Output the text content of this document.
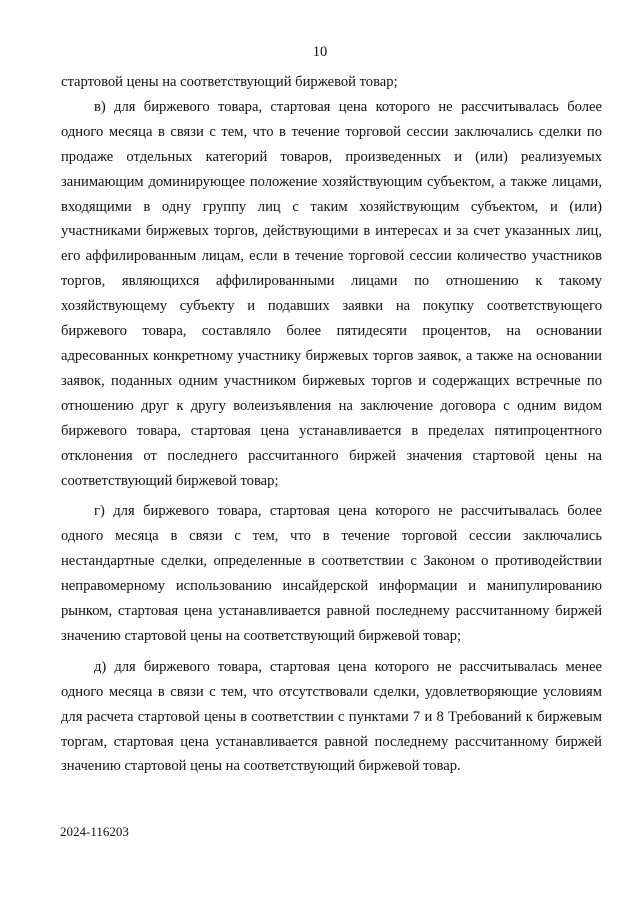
10

стартовой цены на соответствующий биржевой товар;

в) для биржевого товара, стартовая цена которого не рассчитывалась более одного месяца в связи с тем, что в течение торговой сессии заключались сделки по продаже отдельных категорий товаров, произведенных и (или) реализуемых занимающим доминирующее положение хозяйствующим субъектом, а также лицами, входящими в одну группу лиц с таким хозяйствующим субъектом, и (или) участниками биржевых торгов, действующими в интересах и за счет указанных лиц, его аффилированным лицам, если в течение торговой сессии количество участников торгов, являющихся аффилированными лицами по отношению к такому хозяйствующему субъекту и подавших заявки на покупку соответствующего биржевого товара, составляло более пятидесяти процентов, на основании адресованных конкретному участнику биржевых торгов заявок, а также на основании заявок, поданных одним участником биржевых торгов и содержащих встречные по отношению друг к другу волеизъявления на заключение договора с одним видом биржевого товара, стартовая цена устанавливается в пределах пятипроцентного отклонения от последнего рассчитанного биржей значения стартовой цены на соответствующий биржевой товар;

г) для биржевого товара, стартовая цена которого не рассчитывалась более одного месяца в связи с тем, что в течение торговой сессии заключались нестандартные сделки, определенные в соответствии с Законом о противодействии неправомерному использованию инсайдерской информации и манипулированию рынком, стартовая цена устанавливается равной последнему рассчитанному биржей значению стартовой цены на соответствующий биржевой товар;

д) для биржевого товара, стартовая цена которого не рассчитывалась менее одного месяца в связи с тем, что отсутствовали сделки, удовлетворяющие условиям для расчета стартовой цены в соответствии с пунктами 7 и 8 Требований к биржевым торгам, стартовая цена устанавливается равной последнему рассчитанному биржей значению стартовой цены на соответствующий биржевой товар.

2024-116203
